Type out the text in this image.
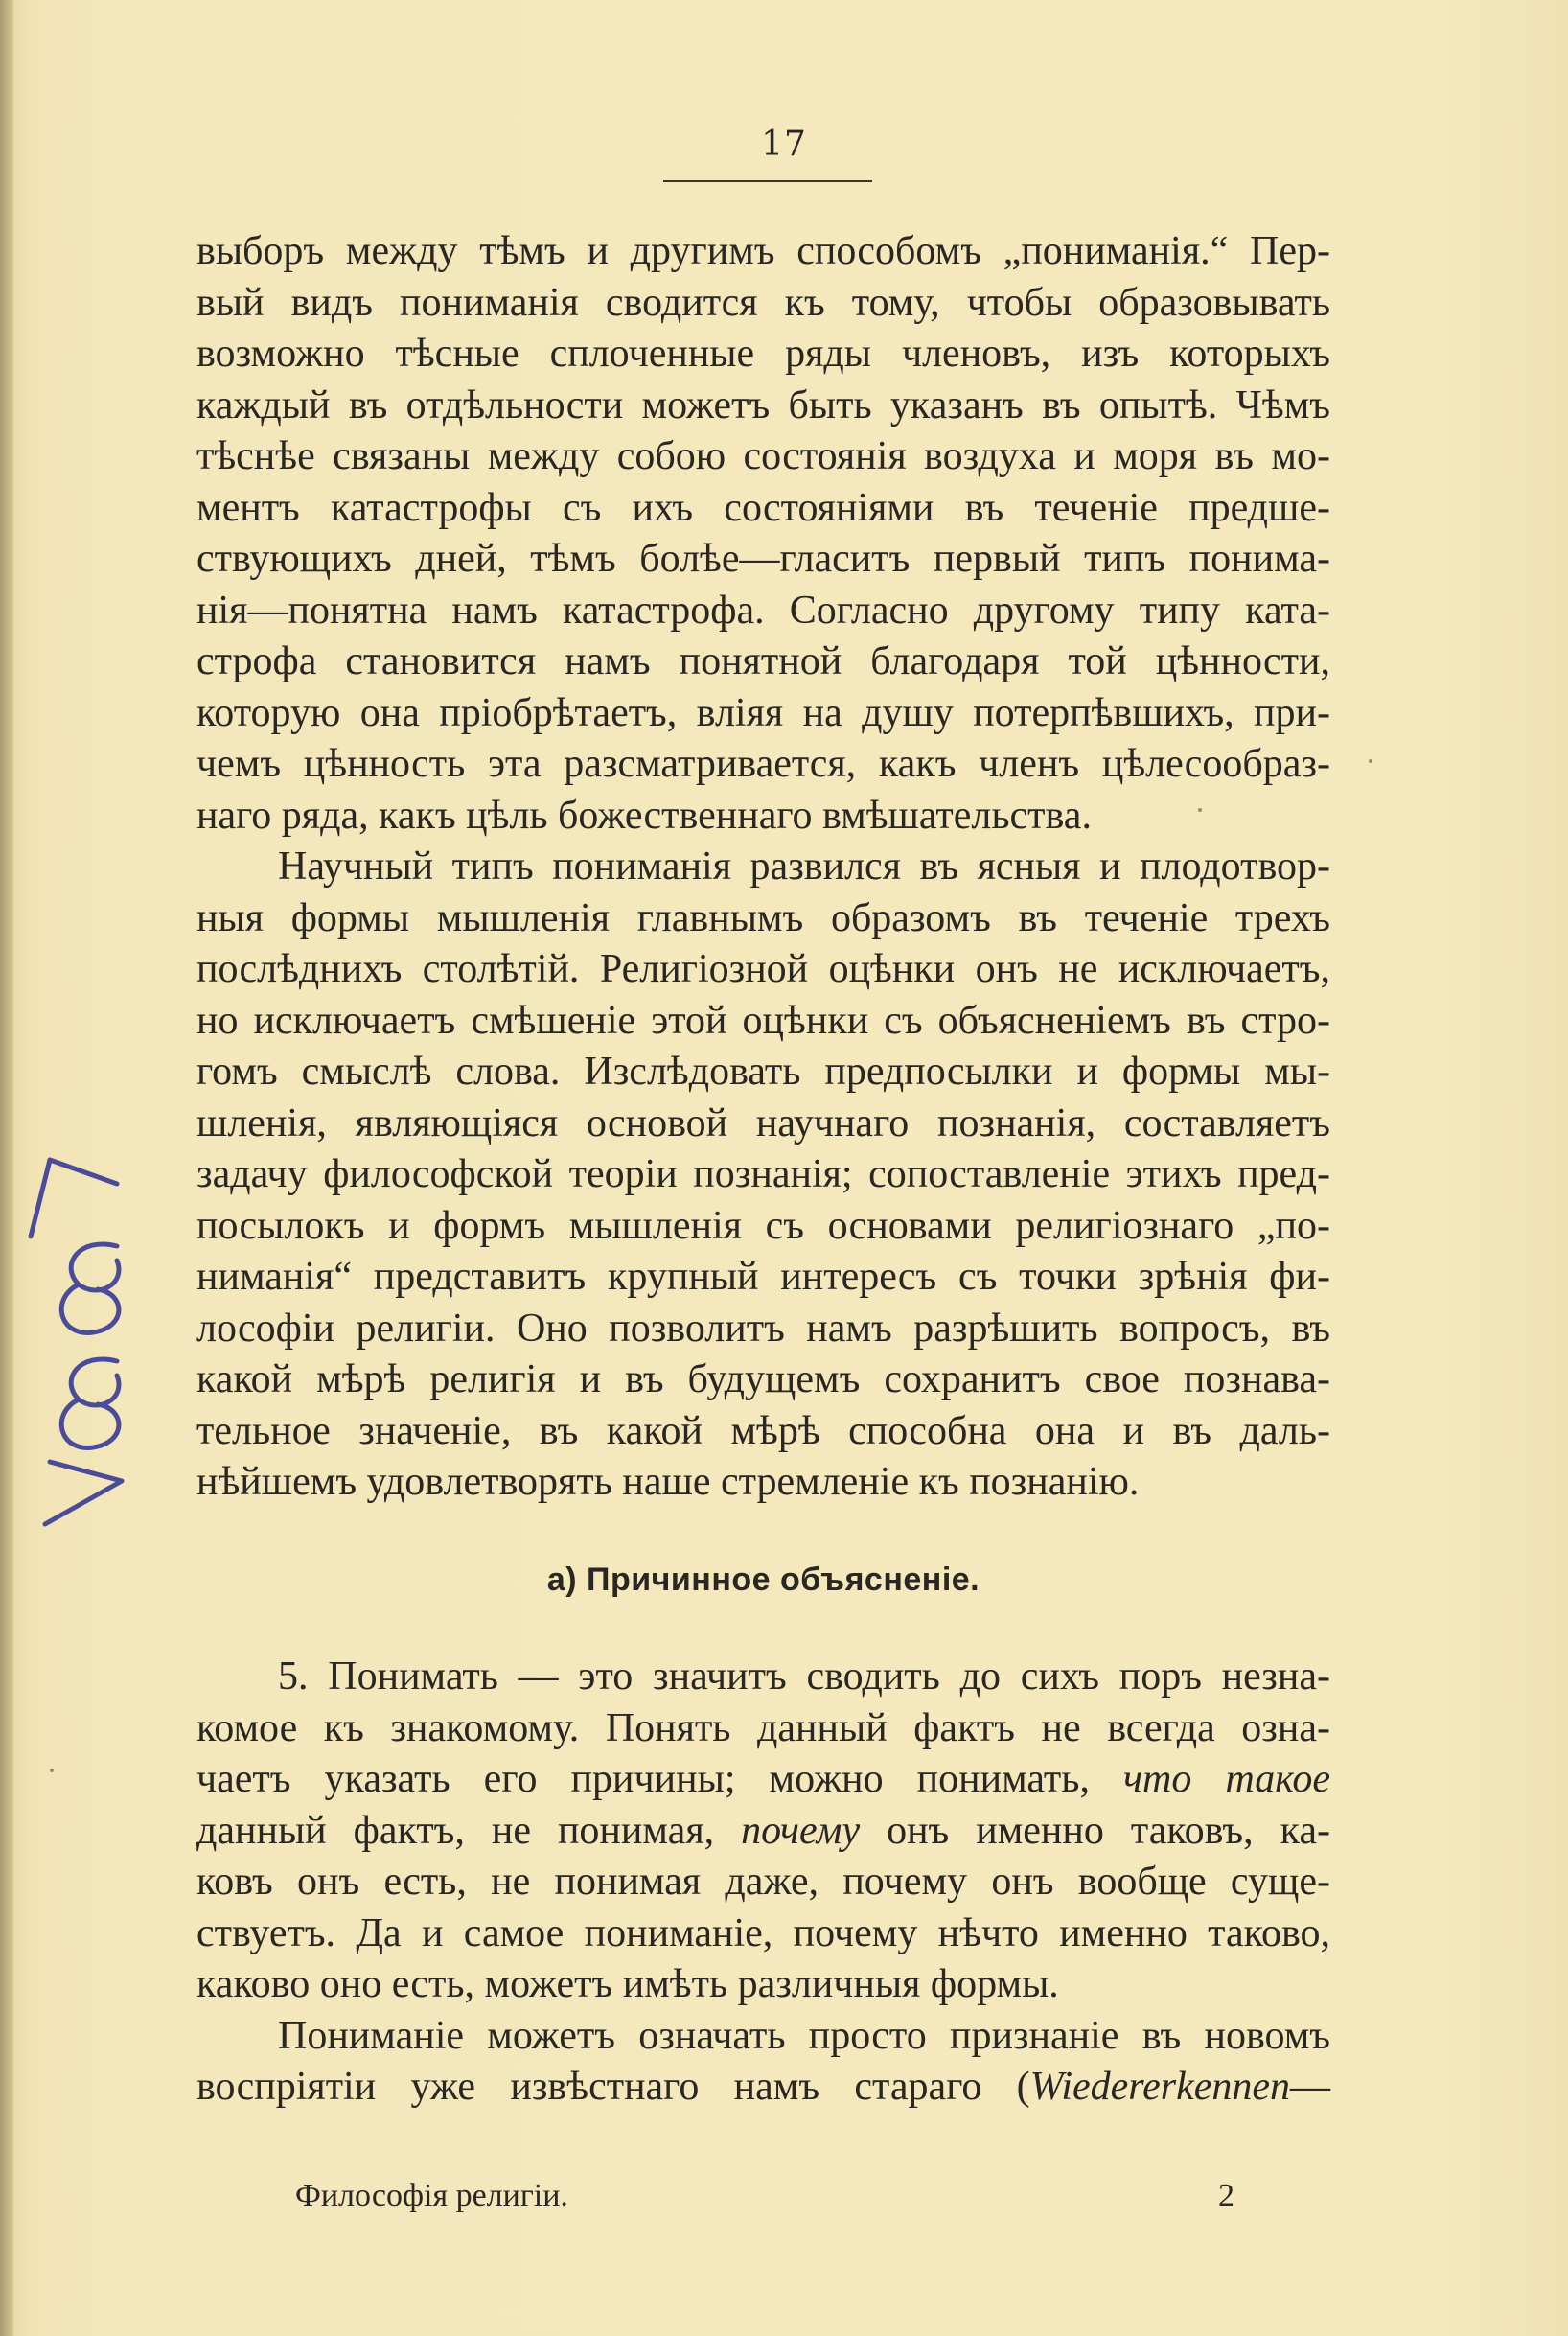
17
выборъ между тѣмъ и другимъ способомъ „пониманія.“ Пер-
вый видъ пониманія сводится къ тому, чтобы образовывать
возможно тѣсные сплоченные ряды членовъ, изъ которыхъ
каждый въ отдѣльности можетъ быть указанъ въ опытѣ. Чѣмъ
тѣснѣе связаны между собою состоянія воздуха и моря въ мо-
ментъ катастрофы съ ихъ состояніями въ теченіе предше-
ствующихъ дней, тѣмъ болѣе—гласитъ первый типъ понима-
нія—понятна намъ катастрофа. Согласно другому типу ката-
строфа становится намъ понятной благодаря той цѣнности,
которую она пріобрѣтаетъ, вліяя на душу потерпѣвшихъ, при-
чемъ цѣнность эта разсматривается, какъ членъ цѣлесообраз-
наго ряда, какъ цѣль божественнаго вмѣшательства.
Научный типъ пониманія развился въ ясныя и плодотвор-
ныя формы мышленія главнымъ образомъ въ теченіе трехъ
послѣднихъ столѣтій. Религіозной оцѣнки онъ не исключаетъ,
но исключаетъ смѣшеніе этой оцѣнки съ объясненіемъ въ стро-
гомъ смыслѣ слова. Изслѣдовать предпосылки и формы мы-
шленія, являющіяся основой научнаго познанія, составляетъ
задачу философской теоріи познанія; сопоставленіе этихъ пред-
посылокъ и формъ мышленія съ основами религіознаго „по-
ниманія“ представитъ крупный интересъ съ точки зрѣнія фи-
лософіи религіи. Оно позволитъ намъ разрѣшить вопросъ, въ
какой мѣрѣ религія и въ будущемъ сохранитъ свое познава-
тельное значеніе, въ какой мѣрѣ способна она и въ даль-
нѣйшемъ удовлетворять наше стремленіе къ познанію.
а) Причинное объясненіе.
5. Понимать — это значитъ сводить до сихъ поръ незна-
комое къ знакомому. Понять данный фактъ не всегда озна-
чаетъ указать его причины; можно понимать, что такое
данный фактъ, не понимая, почему онъ именно таковъ, ка-
ковъ онъ есть, не понимая даже, почему онъ вообще суще-
ствуетъ. Да и самое пониманіе, почему нѣчто именно таково,
каково оно есть, можетъ имѣть различныя формы.
Пониманіе можетъ означать просто признаніе въ новомъ
воспріятіи уже извѣстнаго намъ стараго (Wiedererkennen—
Философія религіи.	2
